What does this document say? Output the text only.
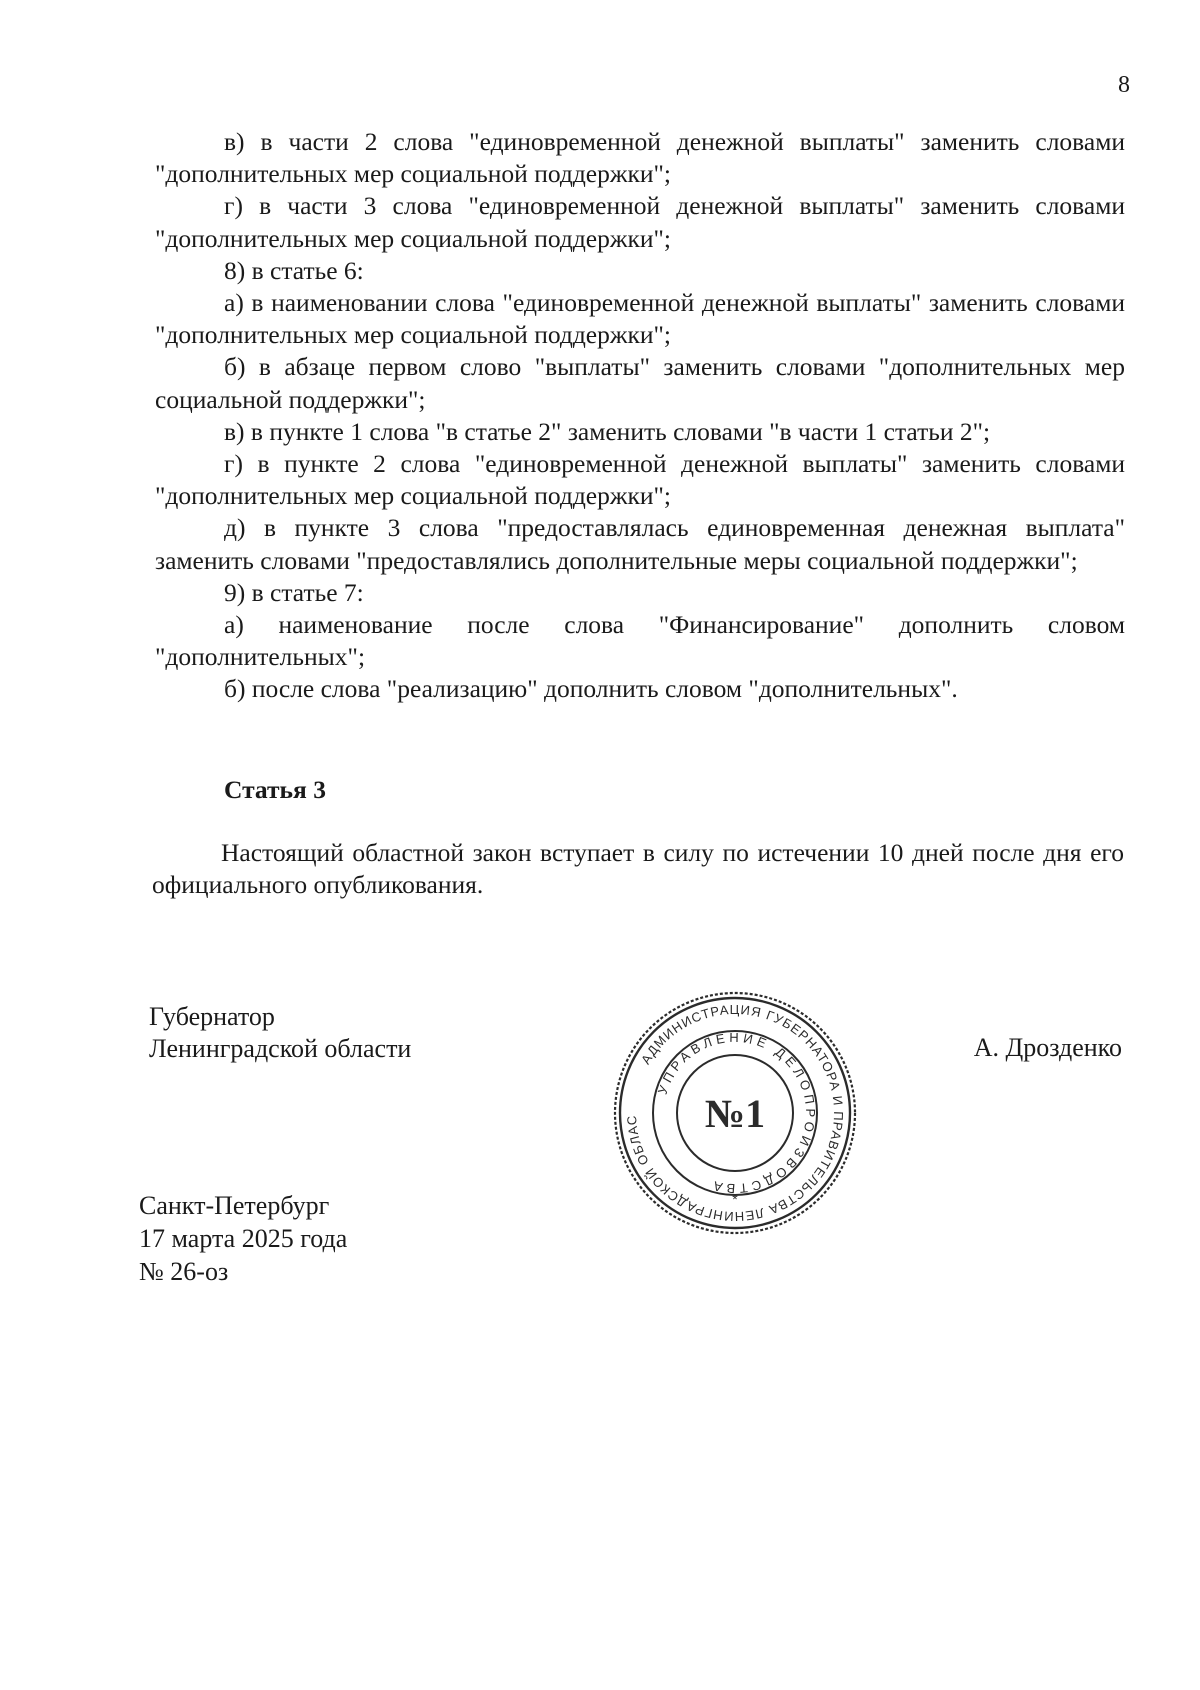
8

в) в части 2 слова "единовременной денежной выплаты" заменить словами "дополнительных мер социальной поддержки";

г) в части 3 слова "единовременной денежной выплаты" заменить словами "дополнительных мер социальной поддержки";

8) в статье 6:

а) в наименовании слова "единовременной денежной выплаты" заменить словами "дополнительных мер социальной поддержки";

б) в абзаце первом слово "выплаты" заменить словами "дополнительных мер социальной поддержки";

в) в пункте 1 слова "в статье 2" заменить словами "в части 1 статьи 2";

г) в пункте 2 слова "единовременной денежной выплаты" заменить словами "дополнительных мер социальной поддержки";

д) в пункте 3 слова "предоставлялась единовременная денежная выплата" заменить словами "предоставлялись дополнительные меры социальной поддержки";

9) в статье 7:

а) наименование после слова "Финансирование" дополнить словом "дополнительных";

б) после слова "реализацию" дополнить словом "дополнительных".

Статья 3

Настоящий областной закон вступает в силу по истечении 10 дней после дня его официального опубликования.

Губернатор
Ленинградской области	А. Дрозденко
АДМИНИСТРАЦИЯ ГУБЕРНАТОРА И ПРАВИТЕЛЬСТВА ЛЕНИНГРАДСКОЙ ОБЛАС
УПРАВЛЕНИЕ ДЕЛОПРОИЗВОДСТВА
№1
*
Санкт-Петербург
17 марта 2025 года
№ 26-оз
